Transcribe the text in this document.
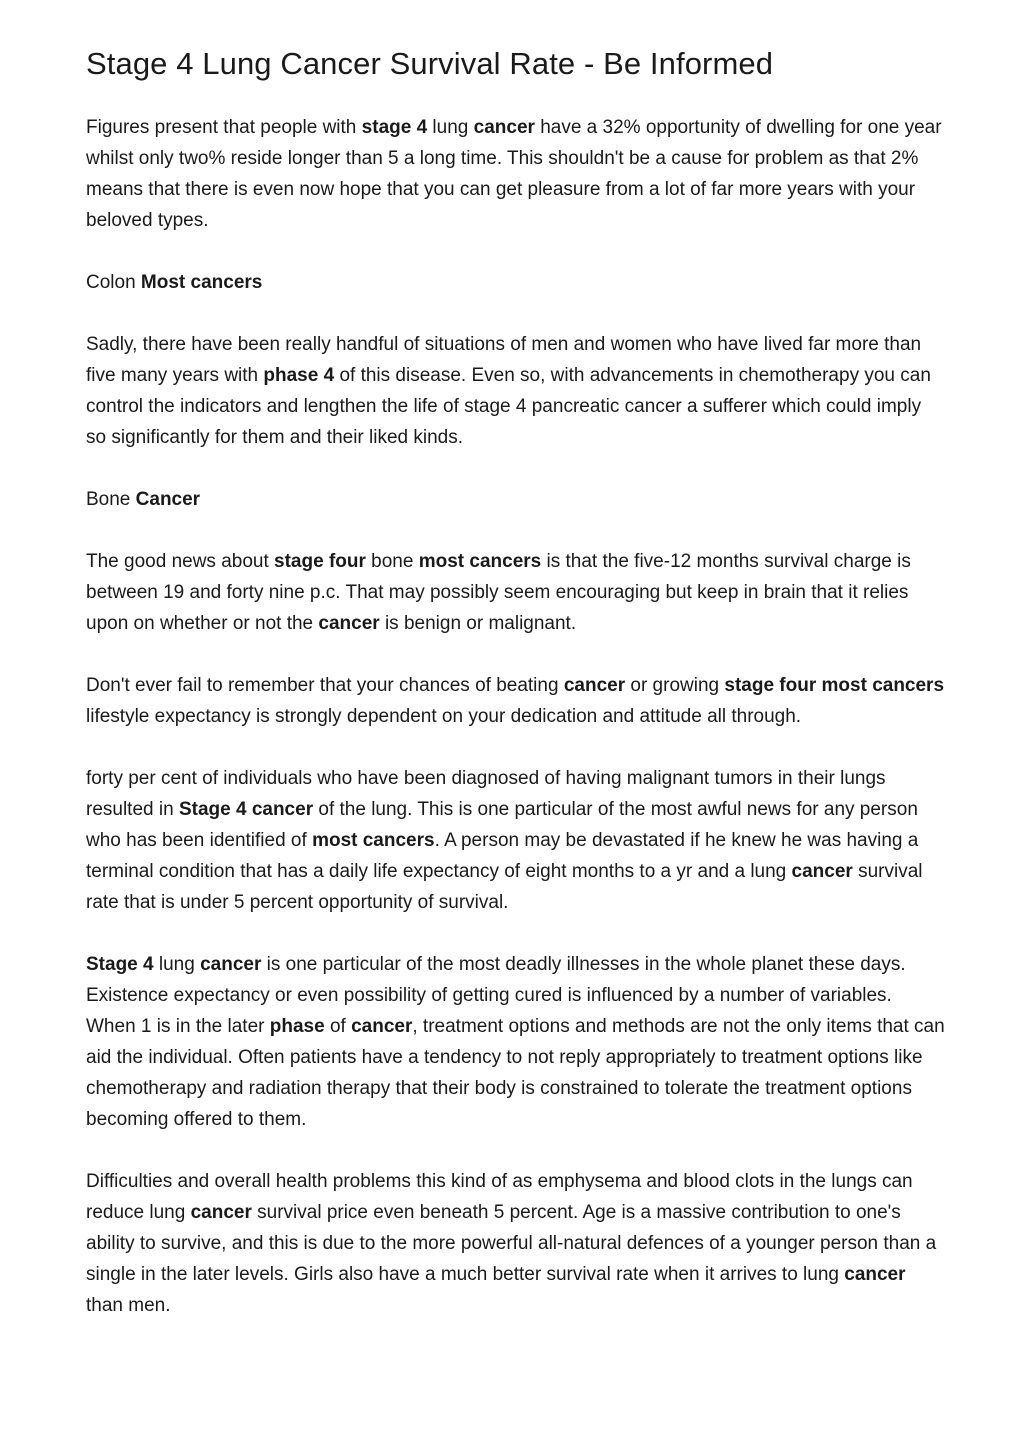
Stage 4 Lung Cancer Survival Rate - Be Informed

Figures present that people with stage 4 lung cancer have a 32% opportunity of dwelling for one year whilst only two% reside longer than 5 a long time. This shouldn't be a cause for problem as that 2% means that there is even now hope that you can get pleasure from a lot of far more years with your beloved types.

Colon Most cancers

Sadly, there have been really handful of situations of men and women who have lived far more than five many years with phase 4 of this disease. Even so, with advancements in chemotherapy you can control the indicators and lengthen the life of stage 4 pancreatic cancer a sufferer which could imply so significantly for them and their liked kinds.

Bone Cancer

The good news about stage four bone most cancers is that the five-12 months survival charge is between 19 and forty nine p.c. That may possibly seem encouraging but keep in brain that it relies upon on whether or not the cancer is benign or malignant.

Don't ever fail to remember that your chances of beating cancer or growing stage four most cancers lifestyle expectancy is strongly dependent on your dedication and attitude all through.

forty per cent of individuals who have been diagnosed of having malignant tumors in their lungs resulted in Stage 4 cancer of the lung. This is one particular of the most awful news for any person who has been identified of most cancers. A person may be devastated if he knew he was having a terminal condition that has a daily life expectancy of eight months to a yr and a lung cancer survival rate that is under 5 percent opportunity of survival.

Stage 4 lung cancer is one particular of the most deadly illnesses in the whole planet these days. Existence expectancy or even possibility of getting cured is influenced by a number of variables. When 1 is in the later phase of cancer, treatment options and methods are not the only items that can aid the individual. Often patients have a tendency to not reply appropriately to treatment options like chemotherapy and radiation therapy that their body is constrained to tolerate the treatment options becoming offered to them.

Difficulties and overall health problems this kind of as emphysema and blood clots in the lungs can reduce lung cancer survival price even beneath 5 percent. Age is a massive contribution to one's ability to survive, and this is due to the more powerful all-natural defences of a younger person than a single in the later levels. Girls also have a much better survival rate when it arrives to lung cancer than men.
